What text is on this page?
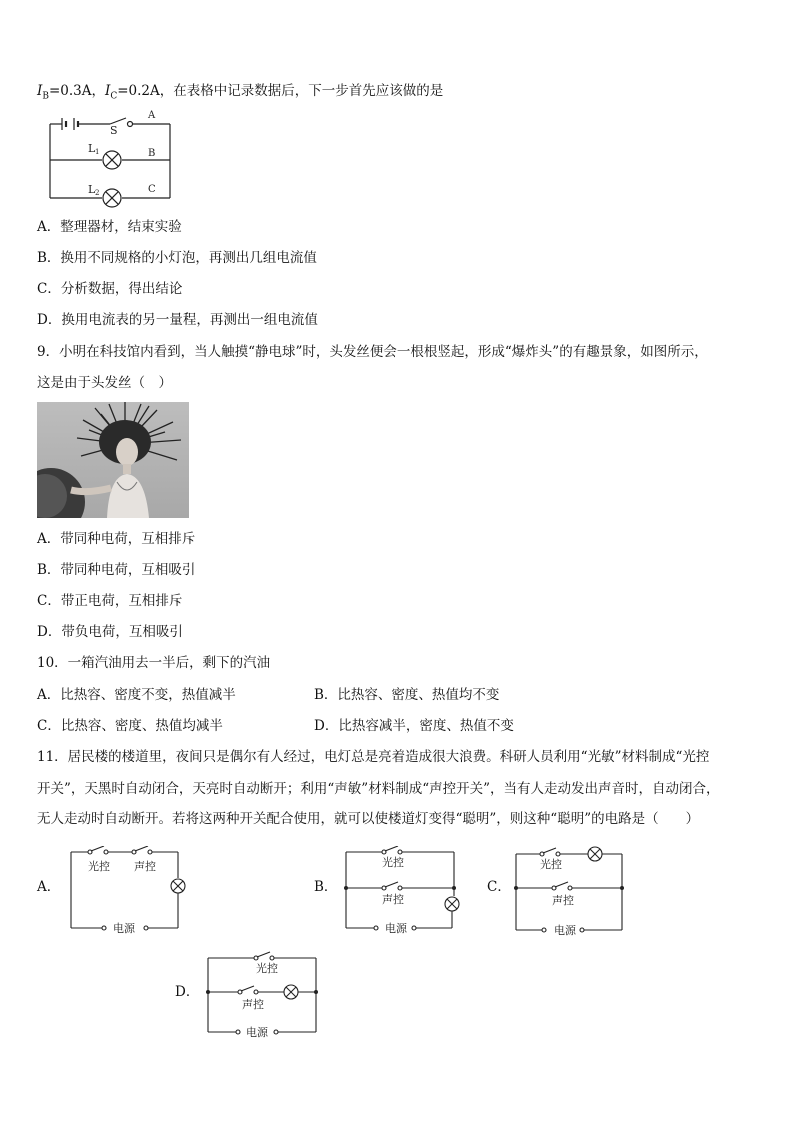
$I_B=0.3A$，$I_C=0.2A$，在表格中记录数据后，下一步首先应该做的是
A
S
L 1	B
L 2	C
A．整理器材，结束实验
B．换用不同规格的小灯泡，再测出几组电流值
C．分析数据，得出结论
D．换用电流表的另一量程，再测出一组电流值
9．小明在科技馆内看到，当人触摸“静电球”时，头发丝便会一根根竖起，形成“爆炸头”的有趣景象，如图所示，
这是由于头发丝（　）
A．带同种电荷，互相排斥
B．带同种电荷，互相吸引
C．带正电荷，互相排斥
D．带负电荷，互相吸引
10．一箱汽油用去一半后，剩下的汽油
A．比热容、密度不变，热值减半	B．比热容、密度、热值均不变
C．比热容、密度、热值均减半	D．比热容减半，密度、热值不变
11．居民楼的楼道里，夜间只是偶尔有人经过，电灯总是亮着造成很大浪费。科研人员利用“光敏”材料制成“光控
开关”，天黑时自动闭合，天亮时自动断开；利用“声敏”材料制成“声控开关”，当有人走动发出声音时，自动闭合，
无人走动时自动断开。若将这两种开关配合使用，就可以使楼道灯变得“聪明”，则这种“聪明”的电路是（　　）
A．	B．	C．
D．
光控 声控
电源
光控
声控
电源
光控
声控
电源
光控
声控
电源
